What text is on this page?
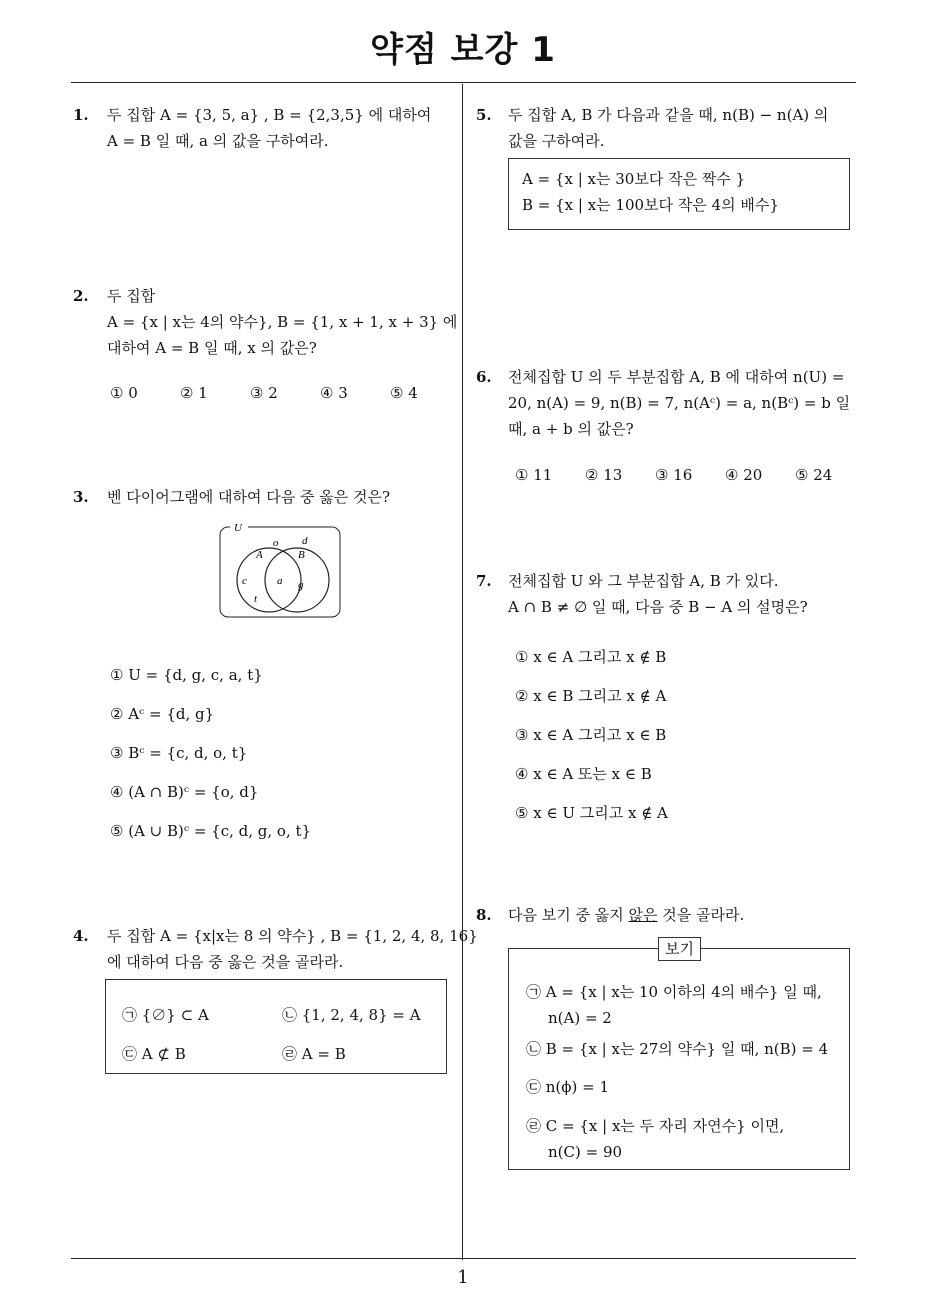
약점 보강 1
1
1. 두 집합 A = {3, 5, a} , B = {2,3,5} 에 대하여
A = B 일 때, a 의 값을 구하여라.
2. 두 집합
A = {x | x는 4의 약수}, B = {1, x + 1, x + 3} 에
대하여 A = B 일 때, x 의 값은?
① 0	② 1	③ 2	④ 3	⑤ 4
3. 벤 다이어그램에 대하여 다음 중 옳은 것은?
U
A	B
o d
c	a g
t
① U = {d, g, c, a, t}
② Aᶜ = {d, g}
③ Bᶜ = {c, d, o, t}
④ (A ∩ B)ᶜ = {o, d}
⑤ (A ∪ B)ᶜ = {c, d, g, o, t}
4. 두 집합 A = {x|x는 8 의 약수} , B = {1, 2, 4, 8, 16}
에 대하여 다음 중 옳은 것을 골라라.
㉠ {∅} ⊂ A	㉡ {1, 2, 4, 8} = A
㉢ A ⊄ B	㉣ A = B
5. 두 집합 A, B 가 다음과 같을 때, n(B) − n(A) 의
값을 구하여라.
A = {x | x는 30보다 작은 짝수 }
B = {x | x는 100보다 작은 4의 배수}
6. 전체집합 U 의 두 부분집합 A, B 에 대하여 n(U) =
20, n(A) = 9, n(B) = 7, n(Aᶜ) = a, n(Bᶜ) = b 일
때, a + b 의 값은?
① 11 ② 13 ③ 16 ④ 20 ⑤ 24
7. 전체집합 U 와 그 부분집합 A, B 가 있다.
A ∩ B ≠ ∅ 일 때, 다음 중 B − A 의 설명은?
① x ∈ A 그리고 x ∉ B
② x ∈ B 그리고 x ∉ A
③ x ∈ A 그리고 x ∈ B
④ x ∈ A 또는 x ∈ B
⑤ x ∈ U 그리고 x ∉ A
8. 다음 보기 중 옳지 않은 것을 골라라.
보기
㉠ A = {x | x는 10 이하의 4의 배수} 일 때,
n(A) = 2
㉡ B = {x | x는 27의 약수} 일 때, n(B) = 4
㉢ n(ϕ) = 1
㉣ C = {x | x는 두 자리 자연수} 이면,
n(C) = 90
